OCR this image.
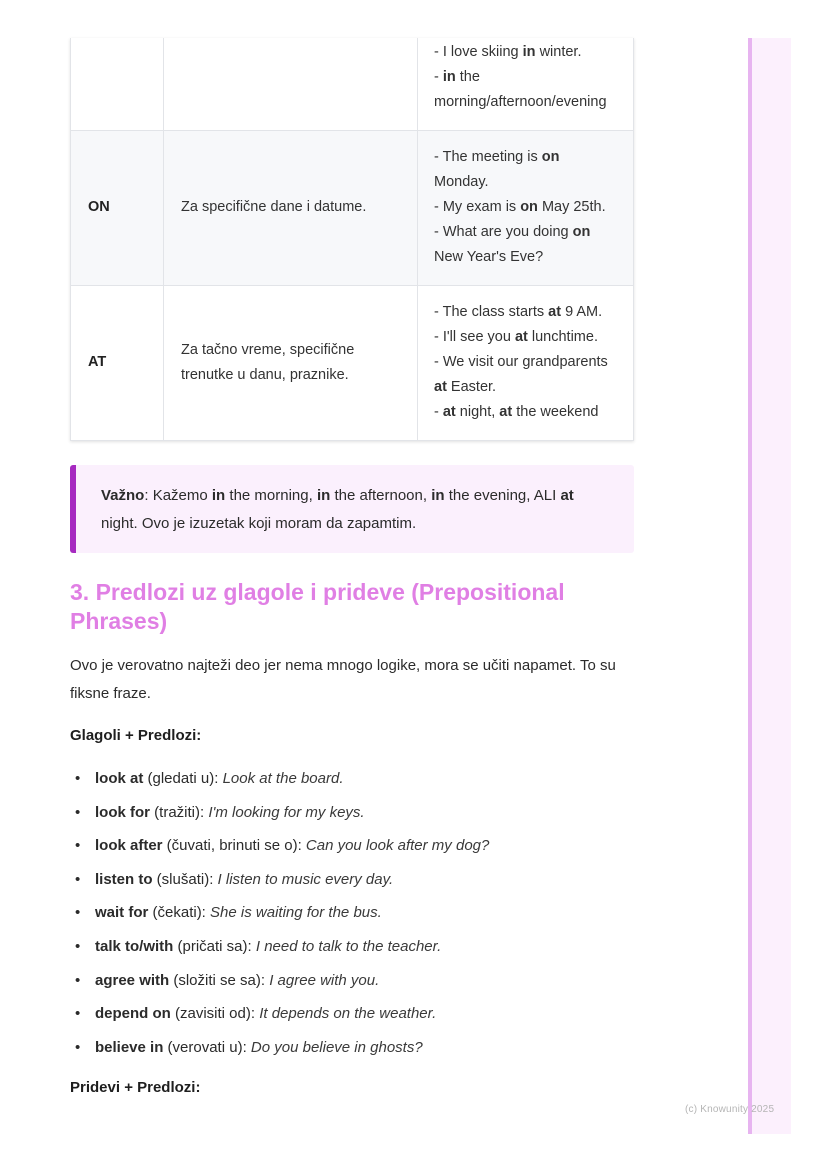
(c) Knowunity 2025
		- I love skiing in winter.
- in the morning/afternoon/evening
ON	Za specifične dane i datume.	- The meeting is on Monday.
- My exam is on May 25th.
- What are you doing on New Year's Eve?
AT	Za tačno vreme, specifične trenutke u danu, praznike.	- The class starts at 9 AM.
- I'll see you at lunchtime.
- We visit our grandparents at Easter.
- at night, at the weekend
Važno: Kažemo in the morning, in the afternoon, in the evening, ALI at night. Ovo je izuzetak koji moram da zapamtim.
3. Predlozi uz glagole i prideve (Prepositional Phrases)

Ovo je verovatno najteži deo jer nema mnogo logike, mora se učiti napamet. To su fiksne fraze.

Glagoli + Predlozi:
• look at (gledati u): Look at the board.
• look for (tražiti): I'm looking for my keys.
• look after (čuvati, brinuti se o): Can you look after my dog?
• listen to (slušati): I listen to music every day.
• wait for (čekati): She is waiting for the bus.
• talk to/with (pričati sa): I need to talk to the teacher.
• agree with (složiti se sa): I agree with you.
• depend on (zavisiti od): It depends on the weather.
• believe in (verovati u): Do you believe in ghosts?
Pridevi + Predlozi:
